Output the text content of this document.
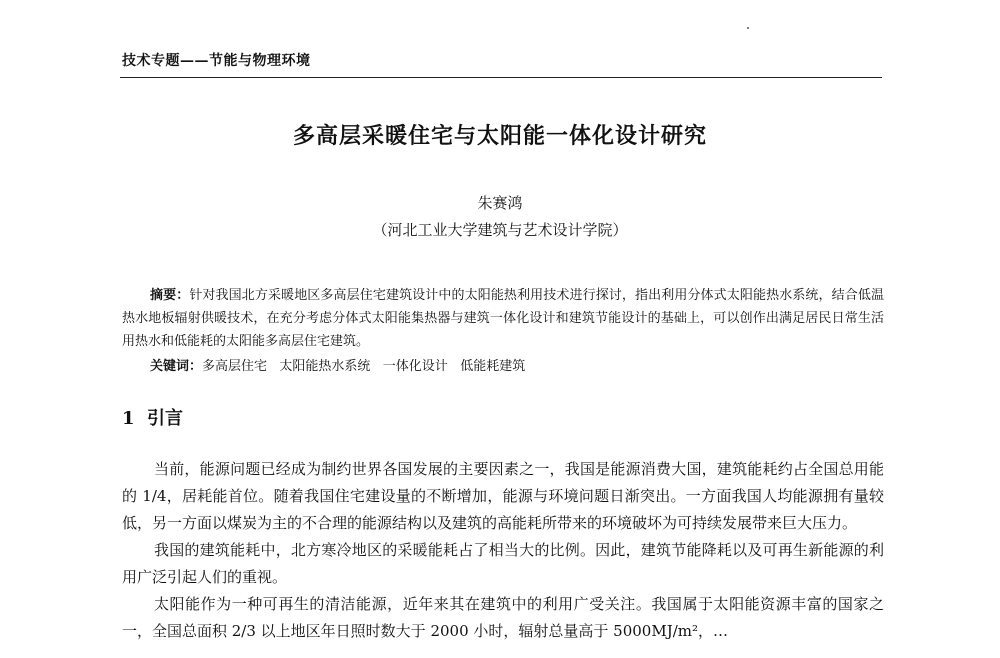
技术专题——节能与物理环境
多高层采暖住宅与太阳能一体化设计研究
朱赛鸿
（河北工业大学建筑与艺术设计学院）

摘要：针对我国北方采暖地区多高层住宅建筑设计中的太阳能热利用技术进行探讨，指出利用分体式太阳能热水系统，结合低温热水地板辐射供暖技术，在充分考虑分体式太阳能集热器与建筑一体化设计和建筑节能设计的基础上，可以创作出满足居民日常生活用热水和低能耗的太阳能多高层住宅建筑。

关键词：多高层住宅   太阳能热水系统   一体化设计   低能耗建筑
1  引言

当前，能源问题已经成为制约世界各国发展的主要因素之一，我国是能源消费大国，建筑能耗约占全国总用能的 1/4，居耗能首位。随着我国住宅建设量的不断增加，能源与环境问题日渐突出。一方面我国人均能源拥有量较低，另一方面以煤炭为主的不合理的能源结构以及建筑的高能耗所带来的环境破坏为可持续发展带来巨大压力。

我国的建筑能耗中，北方寒冷地区的采暖能耗占了相当大的比例。因此，建筑节能降耗以及可再生新能源的利用广泛引起人们的重视。

太阳能作为一种可再生的清洁能源，近年来其在建筑中的利用广受关注。我国属于太阳能资源丰富的国家之一，全国总面积 2/3 以上地区年日照时数大于 2000 小时，辐射总量高于 5000MJ/m²，…
